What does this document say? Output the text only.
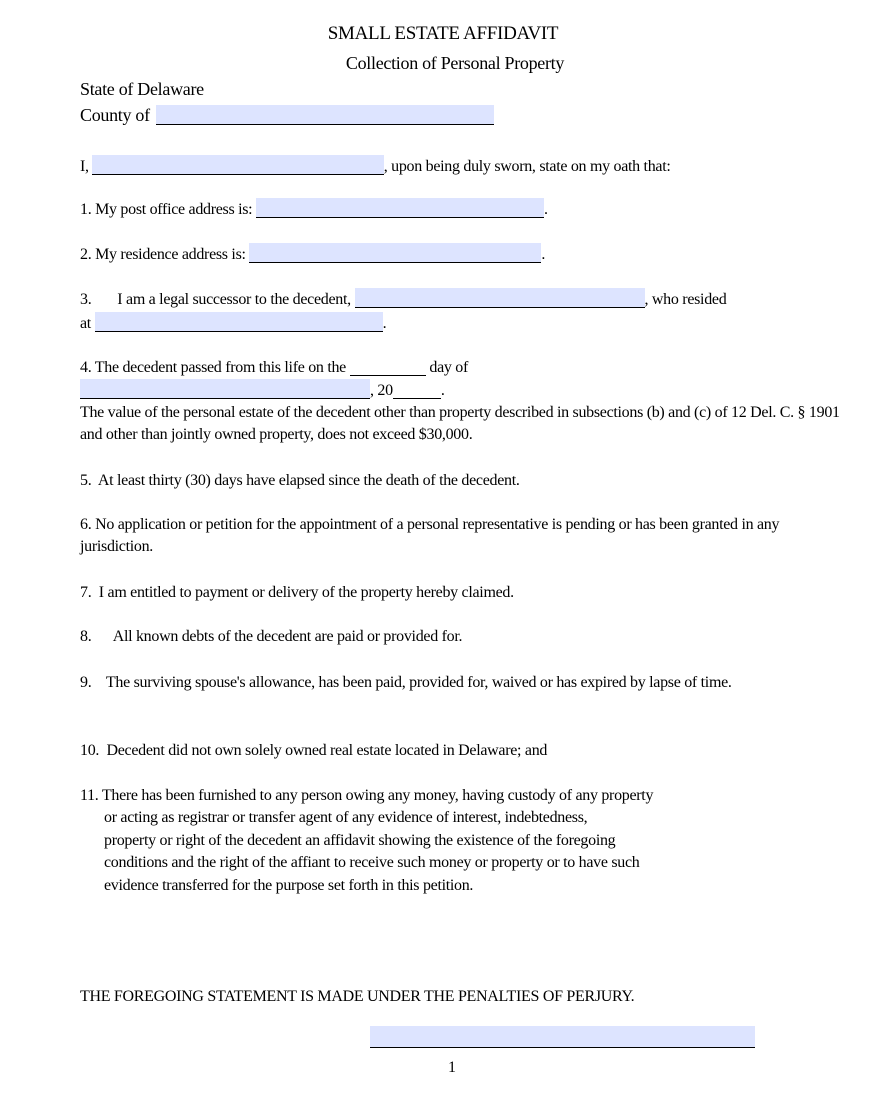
SMALL ESTATE AFFIDAVIT
Collection of Personal Property
State of Delaware
County of
I,	, upon being duly sworn, state on my oath that:
1. My post office address is:	.
2. My residence address is:	.
3.       I am a legal successor to the decedent,	, who resided
at	.
4. The decedent passed from this life on the	day of
, 20	.
The value of the personal estate of the decedent other than property described in subsections (b) and (c) of 12 Del. C. § 1901 and other than jointly owned property, does not exceed $30,000.
5.  At least thirty (30) days have elapsed since the death of the decedent.
6. No application or petition for the appointment of a personal representative is pending or has been granted in any jurisdiction.
7.  I am entitled to payment or delivery of the property hereby claimed.
8.      All known debts of the decedent are paid or provided for.
9.    The surviving spouse's allowance, has been paid, provided for, waived or has expired by lapse of time.
10.  Decedent did not own solely owned real estate located in Delaware; and
11. There has been furnished to any person owing any money, having custody of any property
or acting as registrar or transfer agent of any evidence of interest, indebtedness,
property or right of the decedent an affidavit showing the existence of the foregoing
conditions and the right of the affiant to receive such money or property or to have such
evidence transferred for the purpose set forth in this petition.
THE FOREGOING STATEMENT IS MADE UNDER THE PENALTIES OF PERJURY.
1
